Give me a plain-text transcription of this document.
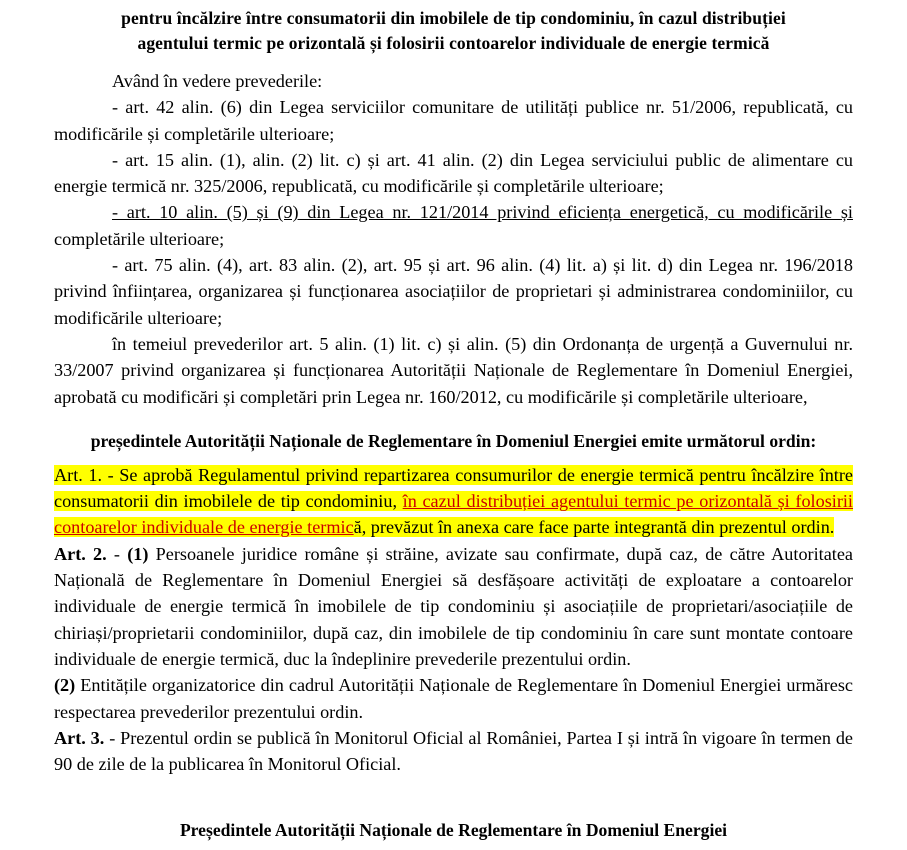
pentru încălzire între consumatorii din imobilele de tip condominiu, în cazul distribuției
agentului termic pe orizontală și folosirii contoarelor individuale de energie termică

Având în vedere prevederile:

- art. 42 alin. (6) din Legea serviciilor comunitare de utilități publice nr. 51/2006, republicată, cu modificările și completările ulterioare;

- art. 15 alin. (1), alin. (2) lit. c) și art. 41 alin. (2) din Legea serviciului public de alimentare cu energie termică nr. 325/2006, republicată, cu modificările și completările ulterioare;

- art. 10 alin. (5) și (9) din Legea nr. 121/2014 privind eficiența energetică, cu modificările și completările ulterioare;

- art. 75 alin. (4), art. 83 alin. (2), art. 95 și art. 96 alin. (4) lit. a) și lit. d) din Legea nr. 196/2018 privind înființarea, organizarea și funcționarea asociațiilor de proprietari și administrarea condominiilor, cu modificările ulterioare;

în temeiul prevederilor art. 5 alin. (1) lit. c) și alin. (5) din Ordonanța de urgență a Guvernului nr. 33/2007 privind organizarea și funcționarea Autorității Naționale de Reglementare în Domeniul Energiei, aprobată cu modificări și completări prin Legea nr. 160/2012, cu modificările și completările ulterioare,

președintele Autorității Naționale de Reglementare în Domeniul Energiei emite următorul ordin:

Art. 1. - Se aprobă Regulamentul privind repartizarea consumurilor de energie termică pentru încălzire între consumatorii din imobilele de tip condominiu, în cazul distribuției agentului termic pe orizontală și folosirii contoarelor individuale de energie termică, prevăzut în anexa care face parte integrantă din prezentul ordin.

Art. 2. - (1) Persoanele juridice române și străine, avizate sau confirmate, după caz, de către Autoritatea Națională de Reglementare în Domeniul Energiei să desfășoare activități de exploatare a contoarelor individuale de energie termică în imobilele de tip condominiu și asociațiile de proprietari/asociațiile de chiriași/proprietarii condominiilor, după caz, din imobilele de tip condominiu în care sunt montate contoare individuale de energie termică, duc la îndeplinire prevederile prezentului ordin.

(2) Entitățile organizatorice din cadrul Autorității Naționale de Reglementare în Domeniul Energiei urmăresc respectarea prevederilor prezentului ordin.

Art. 3. - Prezentul ordin se publică în Monitorul Oficial al României, Partea I și intră în vigoare în termen de 90 de zile de la publicarea în Monitorul Oficial.

Președintele Autorității Naționale de Reglementare în Domeniul Energiei
